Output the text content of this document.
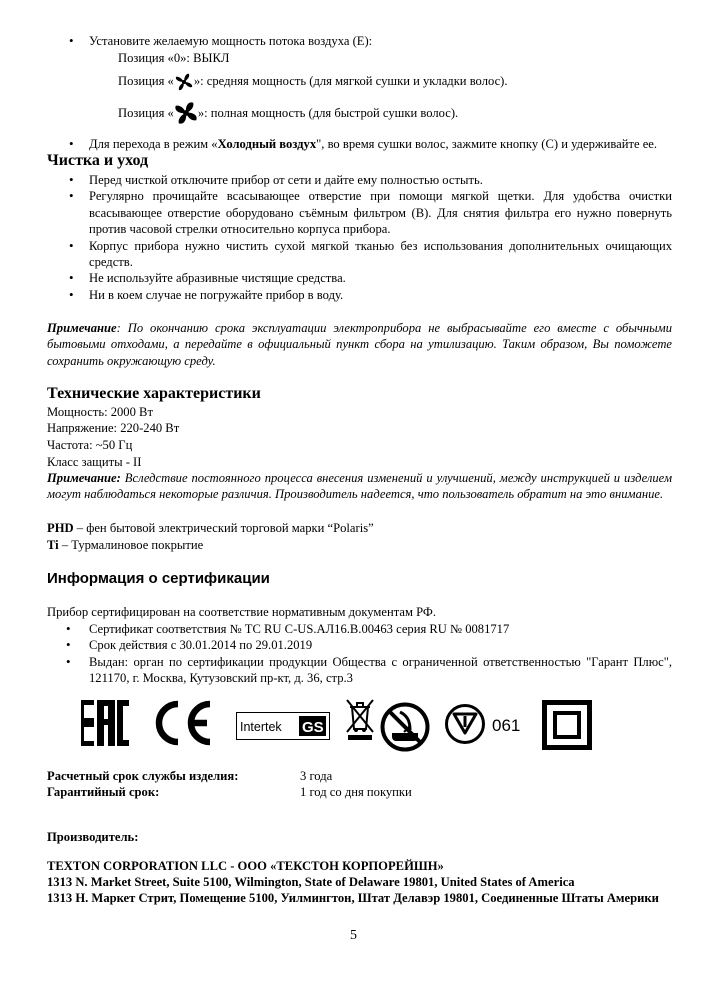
• Установите желаемую мощность потока воздуха (E):
Позиция «0»: ВЫКЛ
Позиция « »: средняя мощность (для мягкой сушки и укладки волос).
Позиция « »: полная мощность (для быстрой сушки волос).
• Для перехода в режим «Холодный воздух", во время сушки волос, зажмите кнопку (C) и удерживайте ее.
Чистка и уход
• Перед чисткой отключите прибор от сети и дайте ему полностью остыть.
• Регулярно прочищайте всасывающее отверстие при помощи мягкой щетки. Для удобства очистки всасывающее отверстие оборудовано съёмным фильтром (B). Для снятия фильтра его нужно повернуть против часовой стрелки относительно корпуса прибора.
• Корпус прибора нужно чистить сухой мягкой тканью без использования дополнительных очищающих средств.
• Не используйте абразивные чистящие средства.
• Ни в коем случае не погружайте прибор в воду.
Примечание: По окончанию срока эксплуатации электроприбора не выбрасывайте его вместе с обычными бытовыми отходами, а передайте в официальный пункт сбора на утилизацию. Таким образом, Вы поможете сохранить окружающую среду.
Технические характеристики
Мощность: 2000 Вт
Напряжение: 220-240 Вт
Частота: ~50 Гц
Класс защиты - II
Примечание: Вследствие постоянного процесса внесения изменений и улучшений, между инструкцией и изделием могут наблюдаться некоторые различия. Производитель надеется, что пользователь обратит на это внимание.
PHD – фен бытовой электрический торговой марки “Polaris”
Ti – Турмалиновое покрытие
Информация о сертификации
Прибор сертифицирован на соответствие нормативным документам РФ.
• Сертификат соответствия № ТС RU С-US.АЛ16.В.00463 серия RU № 0081717
• Срок действия с 30.01.2014 по 29.01.2019
• Выдан: орган по сертификации продукции Общества с ограниченной ответственностью "Гарант Плюс", 121170, г. Москва, Кутузовский пр-кт, д. 36, стр.3
Intertek GS	061
Расчетный срок службы изделия:	3 года
Гарантийный срок:	1 год со дня покупки
Производитель:
TEXTON CORPORATION LLC - ООО «ТЕКСТОН КОРПОРЕЙШН»
1313 N. Market Street, Suite 5100, Wilmington, State of Delaware 19801, United States of America
1313 Н. Маркет Стрит, Помещение 5100, Уилмингтон, Штат Делавэр 19801, Соединенные Штаты Америки
5
